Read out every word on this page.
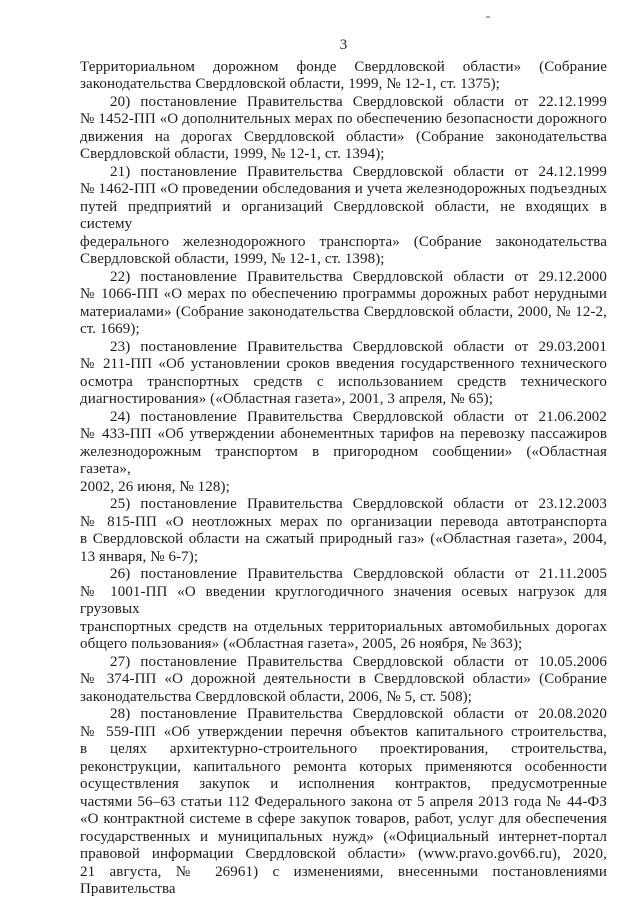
3
Территориальном дорожном фонде Свердловской области» (Собрание
законодательства Свердловской области, 1999, № 12-1, ст. 1375);
20) постановление Правительства Свердловской области от 22.12.1999
№ 1452-ПП «О дополнительных мерах по обеспечению безопасности дорожного
движения на дорогах Свердловской области» (Собрание законодательства
Свердловской области, 1999, № 12-1, ст. 1394);
21) постановление Правительства Свердловской области от 24.12.1999
№ 1462-ПП «О проведении обследования и учета железнодорожных подъездных
путей предприятий и организаций Свердловской области, не входящих в систему
федерального железнодорожного транспорта» (Собрание законодательства
Свердловской области, 1999, № 12-1, ст. 1398);
22) постановление Правительства Свердловской области от 29.12.2000
№ 1066-ПП «О мерах по обеспечению программы дорожных работ нерудными
материалами» (Собрание законодательства Свердловской области, 2000, № 12-2,
ст. 1669);
23) постановление Правительства Свердловской области от 29.03.2001
№ 211-ПП «Об установлении сроков введения государственного технического
осмотра транспортных средств с использованием средств технического
диагностирования» («Областная газета», 2001, 3 апреля, № 65);
24) постановление Правительства Свердловской области от 21.06.2002
№ 433-ПП «Об утверждении абонементных тарифов на перевозку пассажиров
железнодорожным транспортом в пригородном сообщении» («Областная газета»,
2002, 26 июня, № 128);
25) постановление Правительства Свердловской области от 23.12.2003
№ 815-ПП «О неотложных мерах по организации перевода автотранспорта
в Свердловской области на сжатый природный газ» («Областная газета», 2004,
13 января, № 6-7);
26) постановление Правительства Свердловской области от 21.11.2005
№ 1001-ПП «О введении круглогодичного значения осевых нагрузок для грузовых
транспортных средств на отдельных территориальных автомобильных дорогах
общего пользования» («Областная газета», 2005, 26 ноября, № 363);
27) постановление Правительства Свердловской области от 10.05.2006
№ 374-ПП «О дорожной деятельности в Свердловской области» (Собрание
законодательства Свердловской области, 2006, № 5, ст. 508);
28) постановление Правительства Свердловской области от 20.08.2020
№ 559-ПП «Об утверждении перечня объектов капитального строительства,
в целях архитектурно-строительного проектирования, строительства,
реконструкции, капитального ремонта которых применяются особенности
осуществления закупок и исполнения контрактов, предусмотренные
частями 56–63 статьи 112 Федерального закона от 5 апреля 2013 года № 44-ФЗ
«О контрактной системе в сфере закупок товаров, работ, услуг для обеспечения
государственных и муниципальных нужд» («Официальный интернет-портал
правовой информации Свердловской области» (www.pravo.gov66.ru), 2020,
21 августа, № 26961) с изменениями, внесенными постановлениями Правительства
